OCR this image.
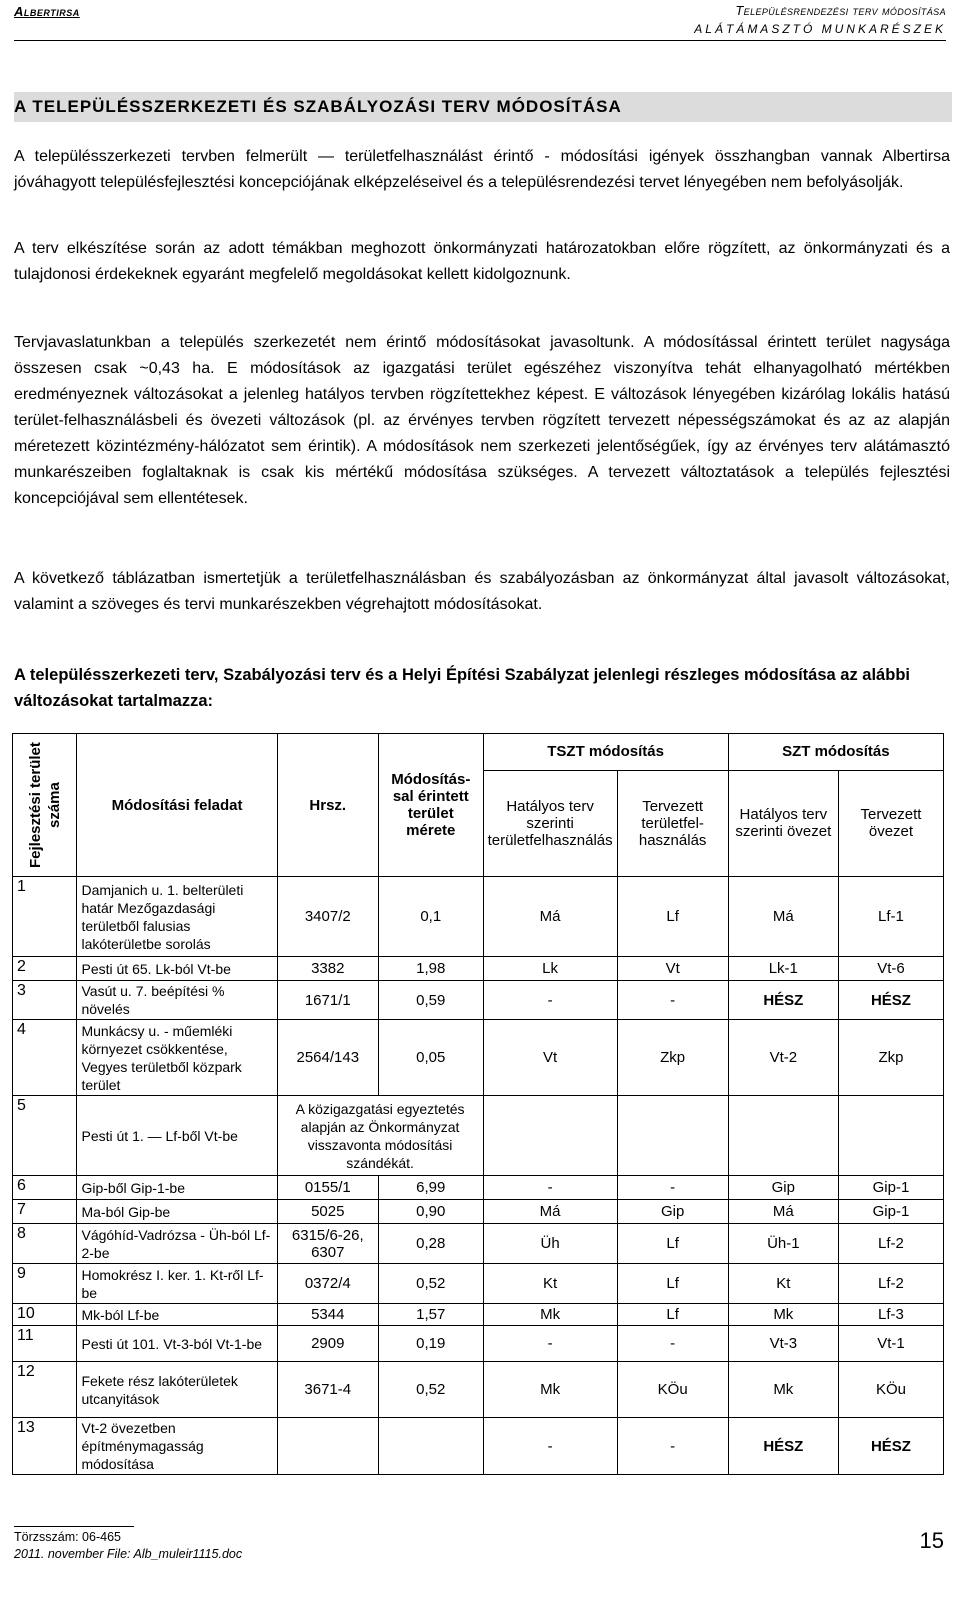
Albertirsa	Településrendezési terv módosítása
ALÁTÁMASZTÓ MUNKARÉSZEK
A TELEPÜLÉSSZERKEZETI ÉS SZABÁLYOZÁSI TERV MÓDOSÍTÁSA

A településszerkezeti tervben felmerült — területfelhasználást érintő - módosítási igények összhangban vannak Albertirsa jóváhagyott településfejlesztési koncepciójának elképzeléseivel és a településrendezési tervet lényegében nem befolyásolják.

A terv elkészítése során az adott témákban meghozott önkormányzati határozatokban előre rögzített, az önkormányzati és a tulajdonosi érdekeknek egyaránt megfelelő megoldásokat kellett kidolgoznunk.

Tervjavaslatunkban a település szerkezetét nem érintő módosításokat javasoltunk. A módosítással érintett terület nagysága összesen csak ~0,43 ha. E módosítások az igazgatási terület egészéhez viszonyítva tehát elhanyagolható mértékben eredményeznek változásokat a jelenleg hatályos tervben rögzítettekhez képest. E változások lényegében kizárólag lokális hatású terület-felhasználásbeli és övezeti változások (pl. az érvényes tervben rögzített tervezett népességszámokat és az az alapján méretezett közintézmény-hálózatot sem érintik). A módosítások nem szerkezeti jelentőségűek, így az érvényes terv alátámasztó munkarészeiben foglaltaknak is csak kis mértékű módosítása szükséges. A tervezett változtatások a település fejlesztési koncepciójával sem ellentétesek.

A következő táblázatban ismertetjük a területfelhasználásban és szabályozásban az önkormányzat által javasolt változásokat, valamint a szöveges és tervi munkarészekben végrehajtott módosításokat.

A településszerkezeti terv, Szabályozási terv és a Helyi Építési Szabályzat jelenlegi részleges módosítása az alábbi változásokat tartalmazza:

Fejlesztési terület száma	Módosítási feladat	Hrsz.	Módosítás-sal érintett terület mérete	TSZT módosítás		SZT módosítás	
				Hatályos terv szerinti területfelhasználás	Tervezett területfel-használás	Hatályos terv szerinti övezet	Tervezett övezet
1	Damjanich u. 1. belterületi határ Mezőgazdasági területből falusias lakóterületbe sorolás	3407/2	0,1	Má	Lf	Má	Lf-1
2	Pesti út 65. Lk-ból Vt-be	3382	1,98	Lk	Vt	Lk-1	Vt-6
3	Vasút u. 7. beépítési % növelés	1671/1	0,59	-	-	HÉSZ	HÉSZ
4	Munkácsy u. - műemléki környezet csökkentése, Vegyes területből közpark terület	2564/143	0,05	Vt	Zkp	Vt-2	Zkp
5	Pesti út 1. — Lf-ből Vt-be	A közigazgatási egyeztetés alapján az Önkormányzat visszavonta módosítási szándékát.					
6	Gip-ből Gip-1-be	0155/1	6,99	-	-	Gip	Gip-1
7	Ma-ból Gip-be	5025	0,90	Má	Gip	Má	Gip-1
8	Vágóhíd-Vadrózsa - Üh-ból Lf-2-be	6315/6-26, 6307	0,28	Üh	Lf	Üh-1	Lf-2
9	Homokrész I. ker. 1. Kt-ről Lf-be	0372/4	0,52	Kt	Lf	Kt	Lf-2
10	Mk-ból Lf-be	5344	1,57	Mk	Lf	Mk	Lf-3
11	Pesti út 101. Vt-3-ból Vt-1-be	2909	0,19	-	-	Vt-3	Vt-1
12	Fekete rész lakóterületek utcanyitások	3671-4	0,52	Mk	KÖu	Mk	KÖu
13	Vt-2 övezetben építménymagasság módosítása			-	-	HÉSZ	HÉSZ
Törzsszám: 06-465
2011. november File: Alb_muleir1115.doc
15
